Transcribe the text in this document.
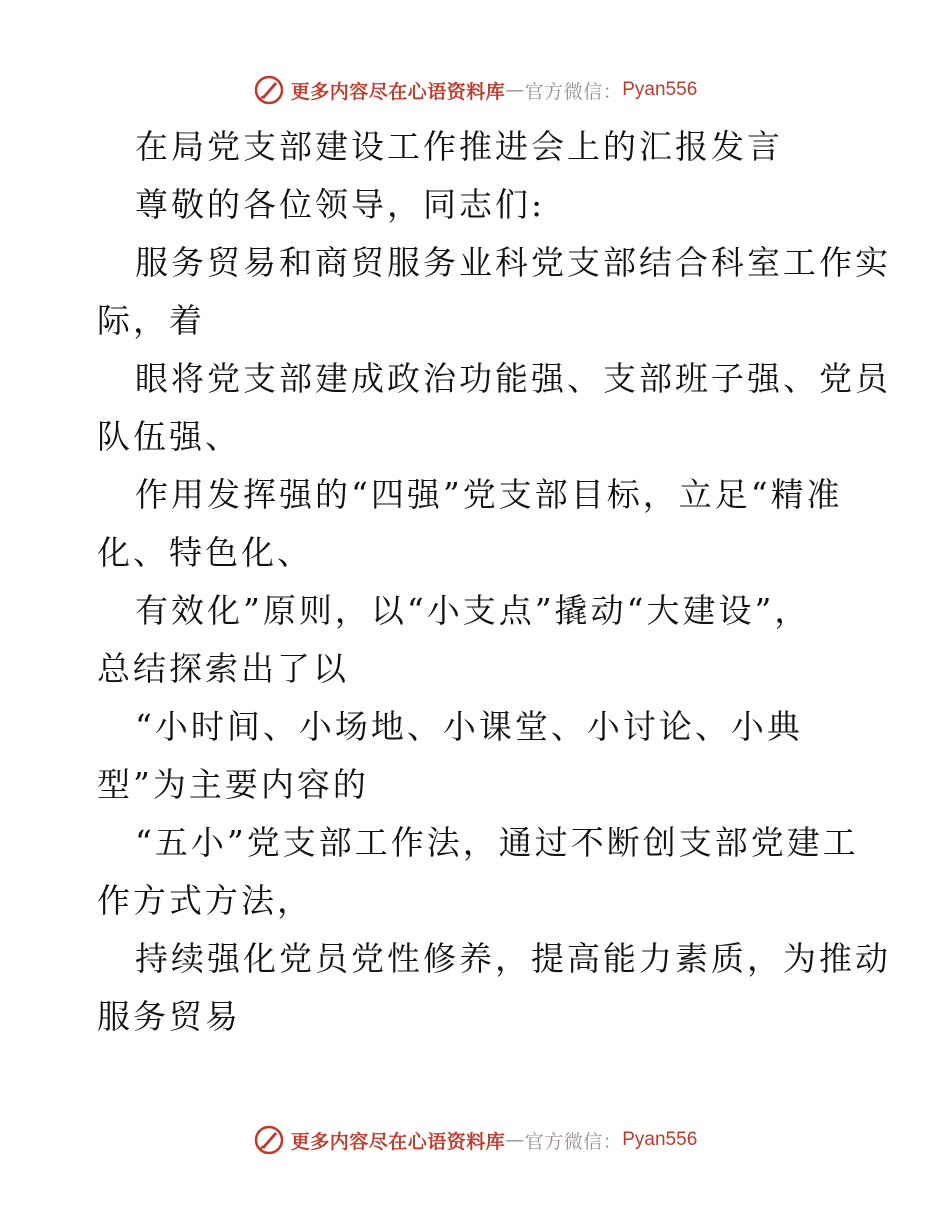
更多内容尽在心语资料库 — 官方微信： Pyan556
在局党支部建设工作推进会上的汇报发言
尊敬的各位领导，同志们:
服务贸易和商贸服务业科党支部结合科室工作实
际，着
眼将党支部建成政治功能强、支部班子强、党员
队伍强、
作用发挥强的“四强”党支部目标，立足“精准
化、特色化、
有效化”原则，以“小支点”撬动“大建设”，
总结探索出了以
“小时间、小场地、小课堂、小讨论、小典
型”为主要内容的
“五小”党支部工作法，通过不断创支部党建工
作方式方法，
持续强化党员党性修养，提高能力素质，为推动
服务贸易
更多内容尽在心语资料库 — 官方微信： Pyan556
